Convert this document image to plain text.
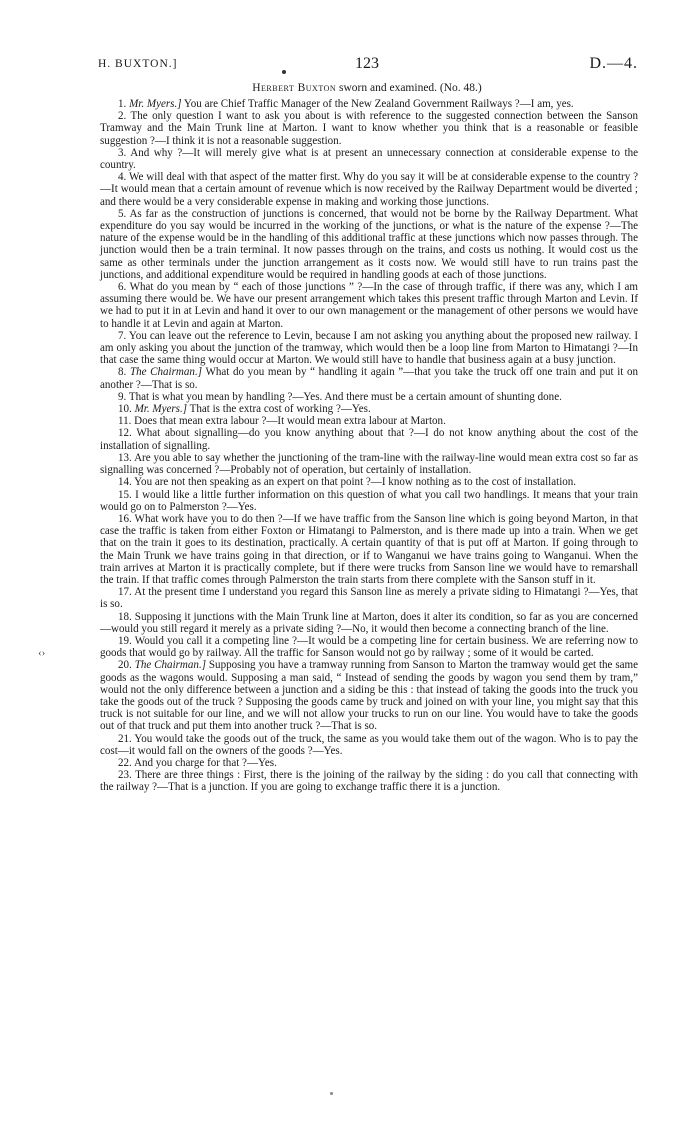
H. BUXTON.]	123	D.—4.
Herbert Buxton sworn and examined. (No. 48.)

1. Mr. Myers.] You are Chief Traffic Manager of the New Zealand Government Railways ?—I am, yes.

2. The only question I want to ask you about is with reference to the suggested connection between the Sanson Tramway and the Main Trunk line at Marton. I want to know whether you think that is a reasonable or feasible suggestion ?—I think it is not a reasonable suggestion.

3. And why ?—It will merely give what is at present an unnecessary connection at considerable expense to the country.

4. We will deal with that aspect of the matter first. Why do you say it will be at considerable expense to the country ?—It would mean that a certain amount of revenue which is now received by the Railway Department would be diverted ; and there would be a very considerable expense in making and working those junctions.

5. As far as the construction of junctions is concerned, that would not be borne by the Railway Department. What expenditure do you say would be incurred in the working of the junctions, or what is the nature of the expense ?—The nature of the expense would be in the handling of this additional traffic at these junctions which now passes through. The junction would then be a train terminal. It now passes through on the trains, and costs us nothing. It would cost us the same as other terminals under the junction arrangement as it costs now. We would still have to run trains past the junctions, and additional expenditure would be required in handling goods at each of those junctions.

6. What do you mean by “ each of those junctions ” ?—In the case of through traffic, if there was any, which I am assuming there would be. We have our present arrangement which takes this present traffic through Marton and Levin. If we had to put it in at Levin and hand it over to our own management or the management of other persons we would have to handle it at Levin and again at Marton.

7. You can leave out the reference to Levin, because I am not asking you anything about the proposed new railway. I am only asking you about the junction of the tramway, which would then be a loop line from Marton to Himatangi ?—In that case the same thing would occur at Marton. We would still have to handle that business again at a busy junction.

8. The Chairman.] What do you mean by “ handling it again ”—that you take the truck off one train and put it on another ?—That is so.

9. That is what you mean by handling ?—Yes. And there must be a certain amount of shunting done.

10. Mr. Myers.] That is the extra cost of working ?—Yes.

11. Does that mean extra labour ?—It would mean extra labour at Marton.

12. What about signalling—do you know anything about that ?—I do not know anything about the cost of the installation of signalling.

13. Are you able to say whether the junctioning of the tram-line with the railway-line would mean extra cost so far as signalling was concerned ?—Probably not of operation, but certainly of installation.

14. You are not then speaking as an expert on that point ?—I know nothing as to the cost of installation.

15. I would like a little further information on this question of what you call two handlings. It means that your train would go on to Palmerston ?—Yes.

16. What work have you to do then ?—If we have traffic from the Sanson line which is going beyond Marton, in that case the traffic is taken from either Foxton or Himatangi to Palmerston, and is there made up into a train. When we get that on the train it goes to its destination, practically. A certain quantity of that is put off at Marton. If going through to the Main Trunk we have trains going in that direction, or if to Wanganui we have trains going to Wanganui. When the train arrives at Marton it is practically complete, but if there were trucks from Sanson line we would have to remarshall the train. If that traffic comes through Palmerston the train starts from there complete with the Sanson stuff in it.

17. At the present time I understand you regard this Sanson line as merely a private siding to Himatangi ?—Yes, that is so.

18. Supposing it junctions with the Main Trunk line at Marton, does it alter its condition, so far as you are concerned—would you still regard it merely as a private siding ?—No, it would then become a connecting branch of the line.

19. Would you call it a competing line ?—It would be a competing line for certain business. We are referring now to goods that would go by railway. All the traffic for Sanson would not go by railway ; some of it would be carted.

20. The Chairman.] Supposing you have a tramway running from Sanson to Marton the tramway would get the same goods as the wagons would. Supposing a man said, “ Instead of sending the goods by wagon you send them by tram,” would not the only difference between a junction and a siding be this : that instead of taking the goods into the truck you take the goods out of the truck ? Supposing the goods came by truck and joined on with your line, you might say that this truck is not suitable for our line, and we will not allow your trucks to run on our line. You would have to take the goods out of that truck and put them into another truck ?—That is so.

21. You would take the goods out of the truck, the same as you would take them out of the wagon. Who is to pay the cost—it would fall on the owners of the goods ?—Yes.

22. And you charge for that ?—Yes.

23. There are three things : First, there is the joining of the railway by the siding : do you call that connecting with the railway ?—That is a junction. If you are going to exchange traffic there it is a junction.

‹›
